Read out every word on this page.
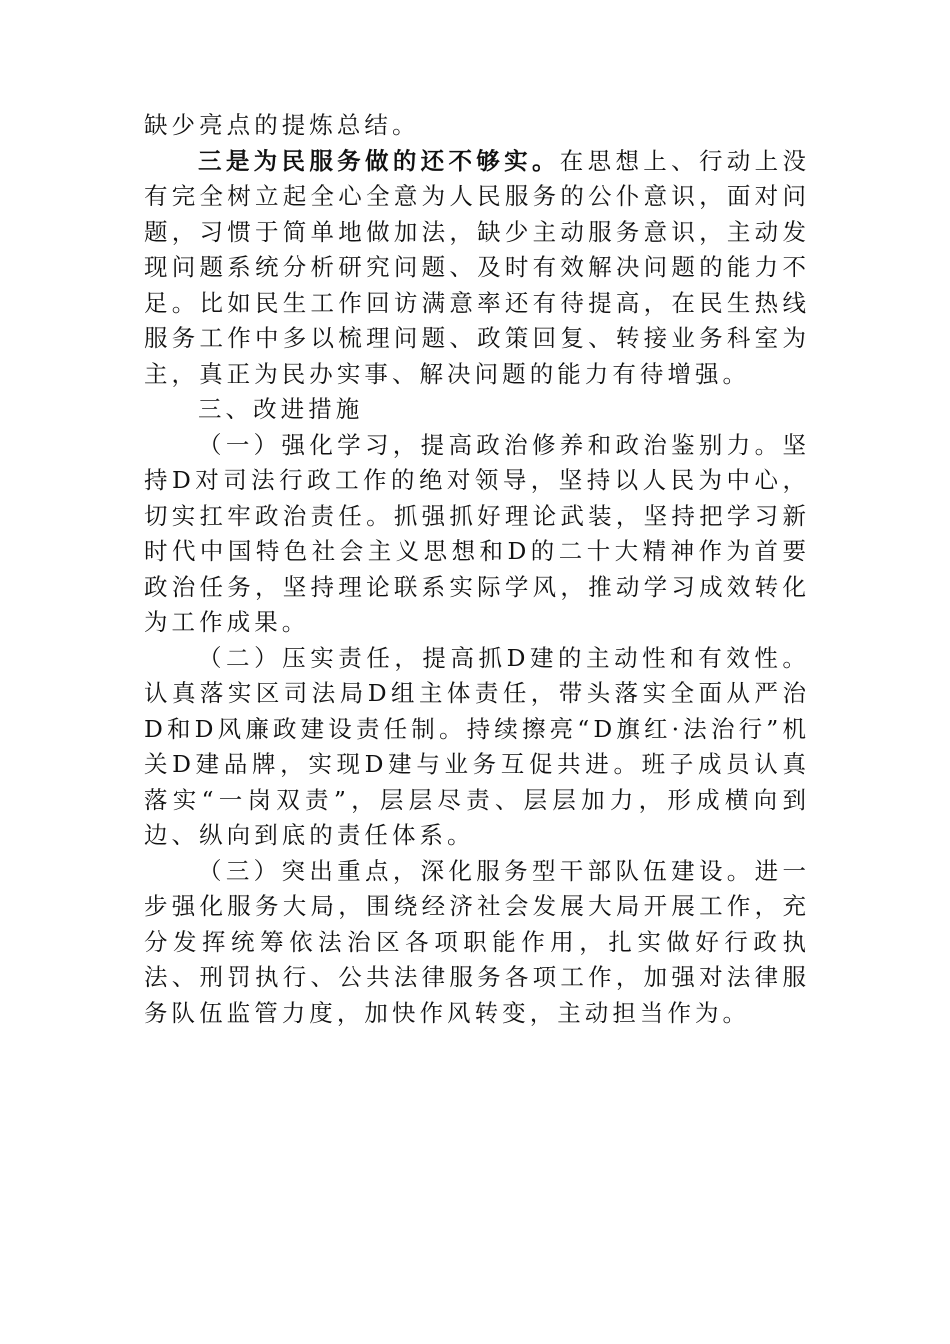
缺少亮点的提炼总结。

三是为民服务做的还不够实。在思想上、行动上没有完全树立起全心全意为人民服务的公仆意识，面对问题，习惯于简单地做加法，缺少主动服务意识，主动发现问题系统分析研究问题、及时有效解决问题的能力不足。比如民生工作回访满意率还有待提高，在民生热线服务工作中多以梳理问题、政策回复、转接业务科室为主，真正为民办实事、解决问题的能力有待增强。

三、改进措施

（一）强化学习，提高政治修养和政治鉴别力。坚持D对司法行政工作的绝对领导，坚持以人民为中心，切实扛牢政治责任。抓强抓好理论武装，坚持把学习新时代中国特色社会主义思想和D的二十大精神作为首要政治任务，坚持理论联系实际学风，推动学习成效转化为工作成果。

（二）压实责任，提高抓D建的主动性和有效性。认真落实区司法局D组主体责任，带头落实全面从严治D和D风廉政建设责任制。持续擦亮“D旗红·法治行”机关D建品牌，实现D建与业务互促共进。班子成员认真落实“一岗双责”，层层尽责、层层加力，形成横向到边、纵向到底的责任体系。

（三）突出重点，深化服务型干部队伍建设。进一步强化服务大局，围绕经济社会发展大局开展工作，充分发挥统筹依法治区各项职能作用，扎实做好行政执法、刑罚执行、公共法律服务各项工作，加强对法律服务队伍监管力度，加快作风转变，主动担当作为。
